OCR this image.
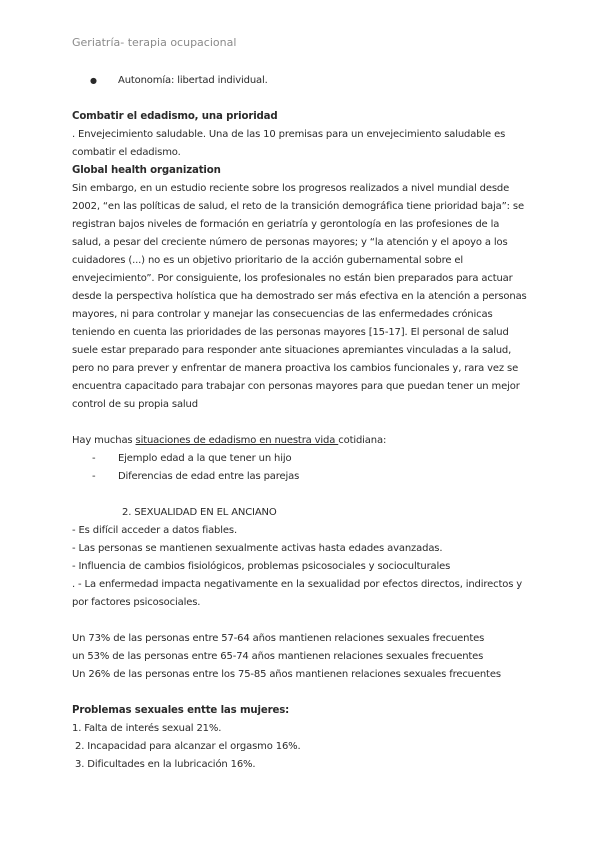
Geriatría- terapia ocupacional
● Autonomía: libertad individual.
Combatir el edadismo, una prioridad
. Envejecimiento saludable. Una de las 10 premisas para un envejecimiento saludable es combatir el edadismo.
Global health organization
Sin embargo, en un estudio reciente sobre los progresos realizados a nivel mundial desde 2002, “en las políticas de salud, el reto de la transición demográfica tiene prioridad baja”: se registran bajos niveles de formación en geriatría y gerontología en las profesiones de la salud, a pesar del creciente número de personas mayores; y “la atención y el apoyo a los cuidadores (...) no es un objetivo prioritario de la acción gubernamental sobre el envejecimiento”. Por consiguiente, los profesionales no están bien preparados para actuar desde la perspectiva holística que ha demostrado ser más efectiva en la atención a personas mayores, ni para controlar y manejar las consecuencias de las enfermedades crónicas teniendo en cuenta las prioridades de las personas mayores [15-17]. El personal de salud suele estar preparado para responder ante situaciones apremiantes vinculadas a la salud, pero no para prever y enfrentar de manera proactiva los cambios funcionales y, rara vez se encuentra capacitado para trabajar con personas mayores para que puedan tener un mejor control de su propia salud
Hay muchas situaciones de edadismo en nuestra vida cotidiana:
- Ejemplo edad a la que tener un hijo
- Diferencias de edad entre las parejas
2. SEXUALIDAD EN EL ANCIANO
- Es difícil acceder a datos fiables.
- Las personas se mantienen sexualmente activas hasta edades avanzadas.
- Influencia de cambios fisiológicos, problemas psicosociales y socioculturales
. - La enfermedad impacta negativamente en la sexualidad por efectos directos, indirectos y por factores psicosociales.
Un 73% de las personas entre 57-64 años mantienen relaciones sexuales frecuentes
un 53% de las personas entre 65-74 años mantienen relaciones sexuales frecuentes
Un 26% de las personas entre los 75-85 años mantienen relaciones sexuales frecuentes
Problemas sexuales entte las mujeres:
1. Falta de interés sexual 21%.
2. Incapacidad para alcanzar el orgasmo 16%.
3. Dificultades en la lubricación 16%.
